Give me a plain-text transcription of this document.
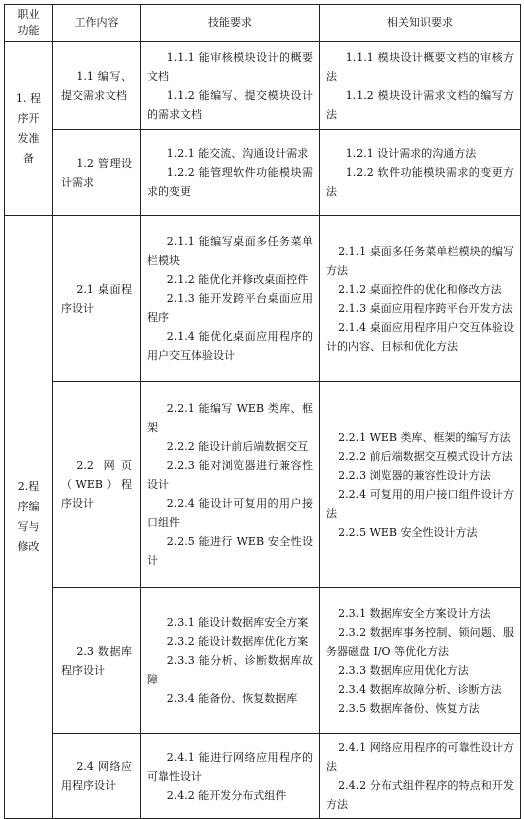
职业功能	工作内容	技能要求	相关知识要求
1. 程序开发准备	1.1 编写、提交需求文档	1.1.1 能审核模块设计的概要文档
1.1.2 能编写、提交模块设计的需求文档	1.1.1 模块设计概要文档的审核方法
1.1.2 模块设计需求文档的编写方法

	1.2 管理设计需求	1.2.1 能交流、沟通设计需求
1.2.2 能管理软件功能模块需求的变更	1.2.1 设计需求的沟通方法
1.2.2 软件功能模块需求的变更方法

2.程序编写与修改	2.1 桌面程序设计	2.1.1 能编写桌面多任务菜单栏模块
2.1.2 能优化并修改桌面控件
2.1.3 能开发跨平台桌面应用程序
2.1.4 能优化桌面应用程序的用户交互体验设计	2.1.1 桌面多任务菜单栏模块的编写方法
2.1.2 桌面控件的优化和修改方法
2.1.3 桌面应用程序跨平台开发方法
2.1.4 桌面应用程序用户交互体验设计的内容、目标和优化方法

	2.2 网页（WEB）程序设计	2.2.1 能编写 WEB 类库、框架
2.2.2 能设计前后端数据交互
2.2.3 能对浏览器进行兼容性设计
2.2.4 能设计可复用的用户接口组件
2.2.5 能进行 WEB 安全性设计	2.2.1 WEB 类库、框架的编写方法
2.2.2 前后端数据交互模式设计方法
2.2.3 浏览器的兼容性设计方法
2.2.4 可复用的用户接口组件设计方法
2.2.5 WEB 安全性设计方法

	2.3 数据库程序设计	2.3.1 能设计数据库安全方案
2.3.2 能设计数据库优化方案
2.3.3 能分析、诊断数据库故障
2.3.4 能备份、恢复数据库	2.3.1 数据库安全方案设计方法
2.3.2 数据库事务控制、锁问题、服务器磁盘 I/O 等优化方法
2.3.3 数据库应用优化方法
2.3.4 数据库故障分析、诊断方法
2.3.5 数据库备份、恢复方法

	2.4 网络应用程序设计	2.4.1 能进行网络应用程序的可靠性设计
2.4.2 能开发分布式组件	2.4.1 网络应用程序的可靠性设计方法
2.4.2 分布式组件程序的特点和开发方法
